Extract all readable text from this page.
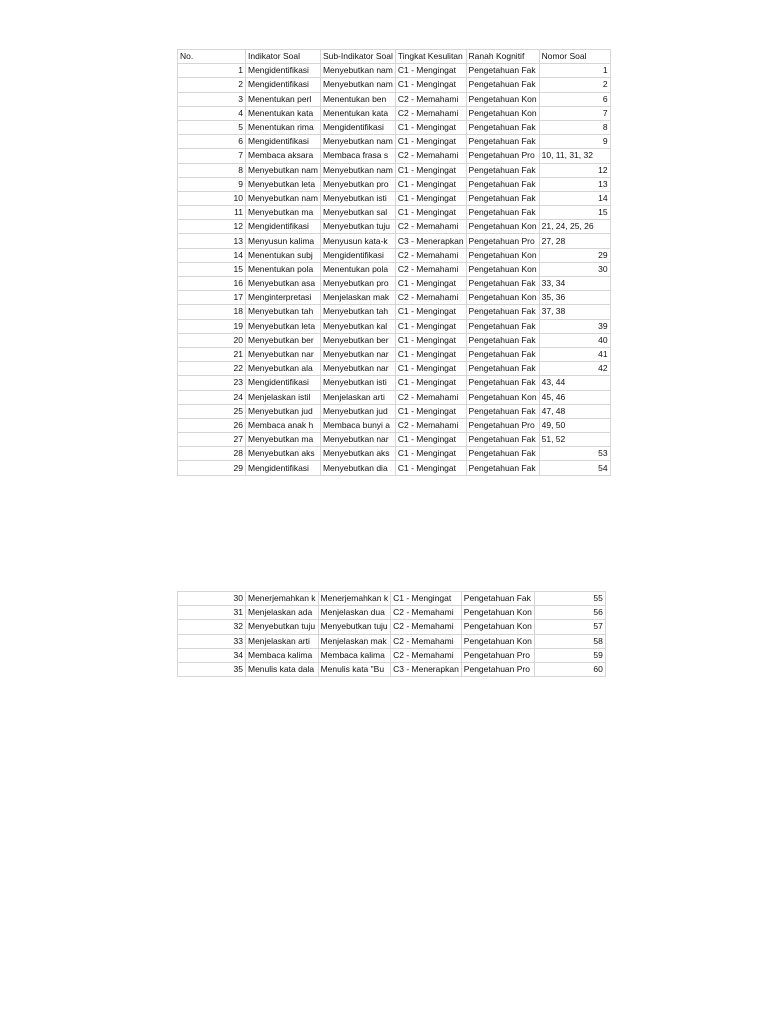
No.	Indikator Soal	Sub-Indikator Soal	Tingkat Kesulitan	Ranah Kognitif	Nomor Soal
1	Mengidentifikasi	Menyebutkan nam	C1 - Mengingat	Pengetahuan Fak	1
2	Mengidentifikasi	Menyebutkan nam	C1 - Mengingat	Pengetahuan Fak	2
3	Menentukan perl	Menentukan ben	C2 - Memahami	Pengetahuan Kon	6
4	Menentukan kata	Menentukan kata	C2 - Memahami	Pengetahuan Kon	7
5	Menentukan rima	Mengidentifikasi	C1 - Mengingat	Pengetahuan Fak	8
6	Mengidentifikasi	Menyebutkan nam	C1 - Mengingat	Pengetahuan Fak	9
7	Membaca aksara	Membaca frasa s	C2 - Memahami	Pengetahuan Pro	10, 11, 31, 32
8	Menyebutkan nam	Menyebutkan nam	C1 - Mengingat	Pengetahuan Fak	12
9	Menyebutkan leta	Menyebutkan pro	C1 - Mengingat	Pengetahuan Fak	13
10	Menyebutkan nam	Menyebutkan isti	C1 - Mengingat	Pengetahuan Fak	14
11	Menyebutkan ma	Menyebutkan sal	C1 - Mengingat	Pengetahuan Fak	15
12	Mengidentifikasi	Menyebutkan tuju	C2 - Memahami	Pengetahuan Kon	21, 24, 25, 26
13	Menyusun kalima	Menyusun kata-k	C3 - Menerapkan	Pengetahuan Pro	27, 28
14	Menentukan subj	Mengidentifikasi	C2 - Memahami	Pengetahuan Kon	29
15	Menentukan pola	Menentukan pola	C2 - Memahami	Pengetahuan Kon	30
16	Menyebutkan asa	Menyebutkan pro	C1 - Mengingat	Pengetahuan Fak	33, 34
17	Menginterpretasi	Menjelaskan mak	C2 - Memahami	Pengetahuan Kon	35, 36
18	Menyebutkan tah	Menyebutkan tah	C1 - Mengingat	Pengetahuan Fak	37, 38
19	Menyebutkan leta	Menyebutkan kal	C1 - Mengingat	Pengetahuan Fak	39
20	Menyebutkan ber	Menyebutkan ber	C1 - Mengingat	Pengetahuan Fak	40
21	Menyebutkan nar	Menyebutkan nar	C1 - Mengingat	Pengetahuan Fak	41
22	Menyebutkan ala	Menyebutkan nar	C1 - Mengingat	Pengetahuan Fak	42
23	Mengidentifikasi	Menyebutkan isti	C1 - Mengingat	Pengetahuan Fak	43, 44
24	Menjelaskan istil	Menjelaskan arti	C2 - Memahami	Pengetahuan Kon	45, 46
25	Menyebutkan jud	Menyebutkan jud	C1 - Mengingat	Pengetahuan Fak	47, 48
26	Membaca anak h	Membaca bunyi a	C2 - Memahami	Pengetahuan Pro	49, 50
27	Menyebutkan ma	Menyebutkan nar	C1 - Mengingat	Pengetahuan Fak	51, 52
28	Menyebutkan aks	Menyebutkan aks	C1 - Mengingat	Pengetahuan Fak	53
29	Mengidentifikasi	Menyebutkan dia	C1 - Mengingat	Pengetahuan Fak	54
30	Menerjemahkan k	Menerjemahkan k	C1 - Mengingat	Pengetahuan Fak	55
31	Menjelaskan ada	Menjelaskan dua	C2 - Memahami	Pengetahuan Kon	56
32	Menyebutkan tuju	Menyebutkan tuju	C2 - Memahami	Pengetahuan Kon	57
33	Menjelaskan arti	Menjelaskan mak	C2 - Memahami	Pengetahuan Kon	58
34	Membaca kalima	Membaca kalima	C2 - Memahami	Pengetahuan Pro	59
35	Menulis kata dala	Menulis kata "Bu	C3 - Menerapkan	Pengetahuan Pro	60
